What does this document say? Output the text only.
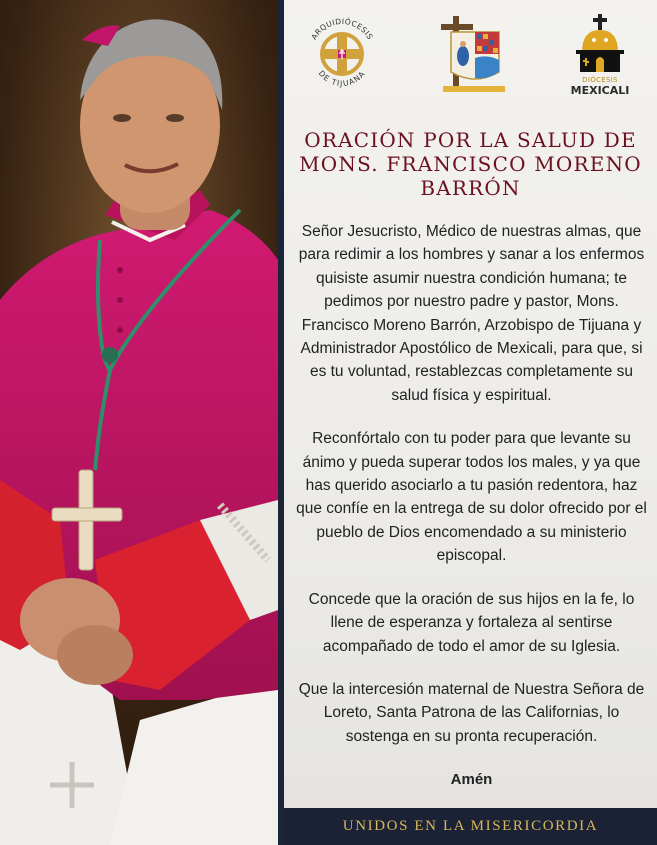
ARQUIDIÓCESIS
DE TIJUANA
DIÓCESIS
MEXICALI
ORACIÓN POR LA SALUD DE
MONS. FRANCISCO MORENO
BARRÓN

Señor Jesucristo, Médico de nuestras almas, que para redimir a los hombres y sanar a los enfermos quisiste asumir nuestra condición humana; te pedimos por nuestro padre y pastor, Mons. Francisco Moreno Barrón, Arzobispo de Tijuana y Administrador Apostólico de Mexicali, para que, si es tu voluntad, restablezcas completamente su salud física y espiritual.

Reconfórtalo con tu poder para que levante su ánimo y pueda superar todos los males, y ya que has querido asociarlo a tu pasión redentora, haz que confíe en la entrega de su dolor ofrecido por el pueblo de Dios encomendado a su ministerio episcopal.

Concede que la oración de sus hijos en la fe, lo llene de esperanza y fortaleza al sentirse acompañado de todo el amor de su Iglesia.

Que la intercesión maternal de Nuestra Señora de Loreto, Santa Patrona de las Californias, lo sostenga en su pronta recuperación.

Amén
UNIDOS EN LA MISERICORDIA
